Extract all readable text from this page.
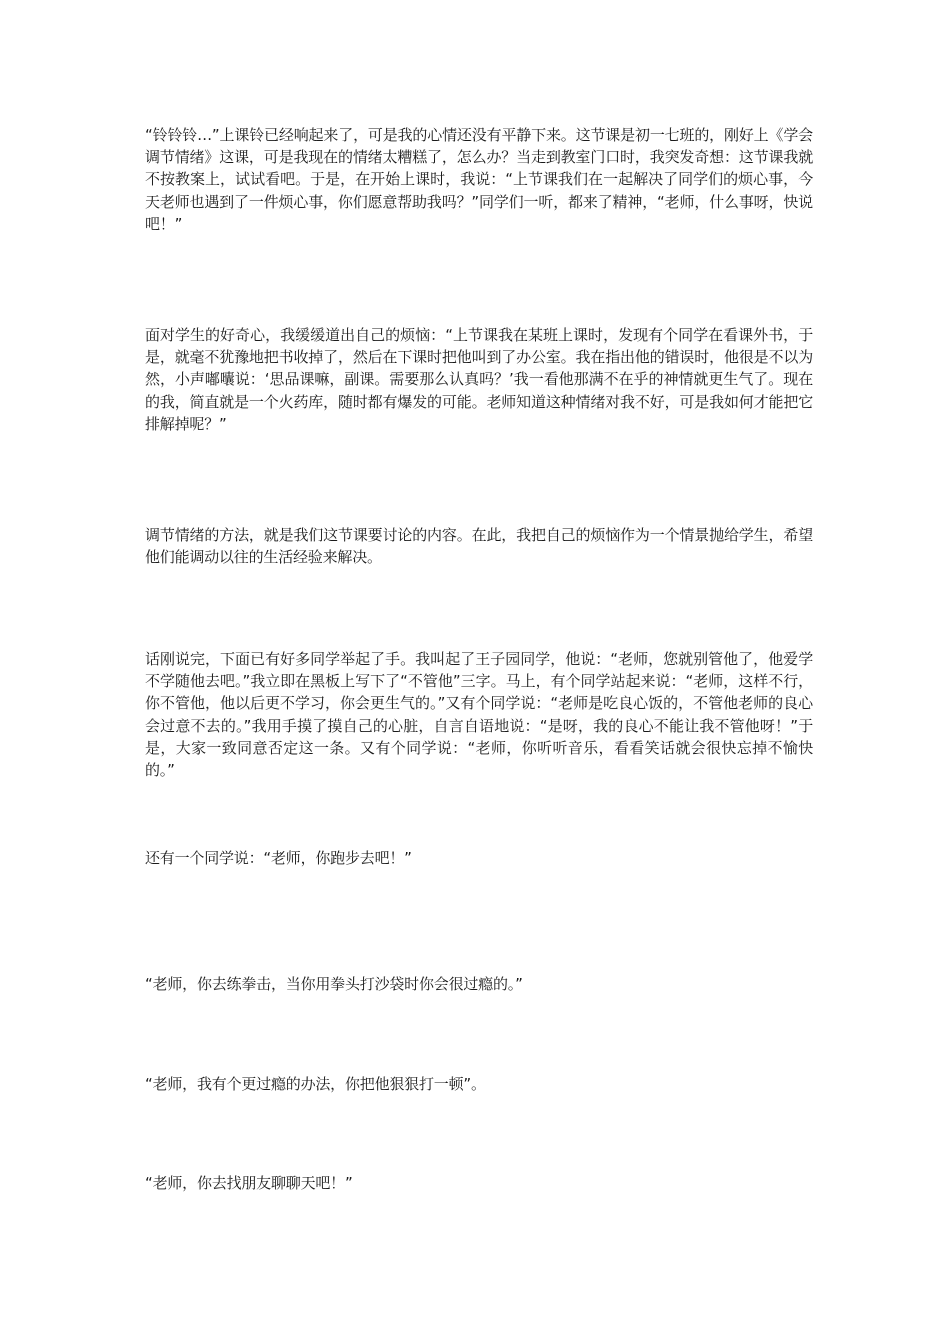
“铃铃铃…”上课铃已经响起来了，可是我的心情还没有平静下来。这节课是初一七班的，刚好上《学会调节情绪》这课，可是我现在的情绪太糟糕了，怎么办？当走到教室门口时，我突发奇想：这节课我就不按教案上，试试看吧。于是，在开始上课时，我说：“上节课我们在一起解决了同学们的烦心事，今天老师也遇到了一件烦心事，你们愿意帮助我吗？”同学们一听，都来了精神，“老师，什么事呀，快说吧！”

面对学生的好奇心，我缓缓道出自己的烦恼：“上节课我在某班上课时，发现有个同学在看课外书，于是，就毫不犹豫地把书收掉了，然后在下课时把他叫到了办公室。我在指出他的错误时，他很是不以为然，小声嘟囔说：‘思品课嘛，副课。需要那么认真吗？’我一看他那满不在乎的神情就更生气了。现在的我，简直就是一个火药库，随时都有爆发的可能。老师知道这种情绪对我不好，可是我如何才能把它排解掉呢？”

调节情绪的方法，就是我们这节课要讨论的内容。在此，我把自己的烦恼作为一个情景抛给学生，希望他们能调动以往的生活经验来解决。

话刚说完，下面已有好多同学举起了手。我叫起了王子园同学，他说：“老师，您就别管他了，他爱学不学随他去吧。”我立即在黑板上写下了“不管他”三字。马上，有个同学站起来说：“老师，这样不行，你不管他，他以后更不学习，你会更生气的。”又有个同学说：“老师是吃良心饭的，不管他老师的良心会过意不去的。”我用手摸了摸自己的心脏，自言自语地说：“是呀，我的良心不能让我不管他呀！”于是，大家一致同意否定这一条。又有个同学说：“老师，你听听音乐，看看笑话就会很快忘掉不愉快的。”

还有一个同学说：“老师，你跑步去吧！”

“老师，你去练拳击，当你用拳头打沙袋时你会很过瘾的。”

“老师，我有个更过瘾的办法，你把他狠狠打一顿”。

“老师，你去找朋友聊聊天吧！”
